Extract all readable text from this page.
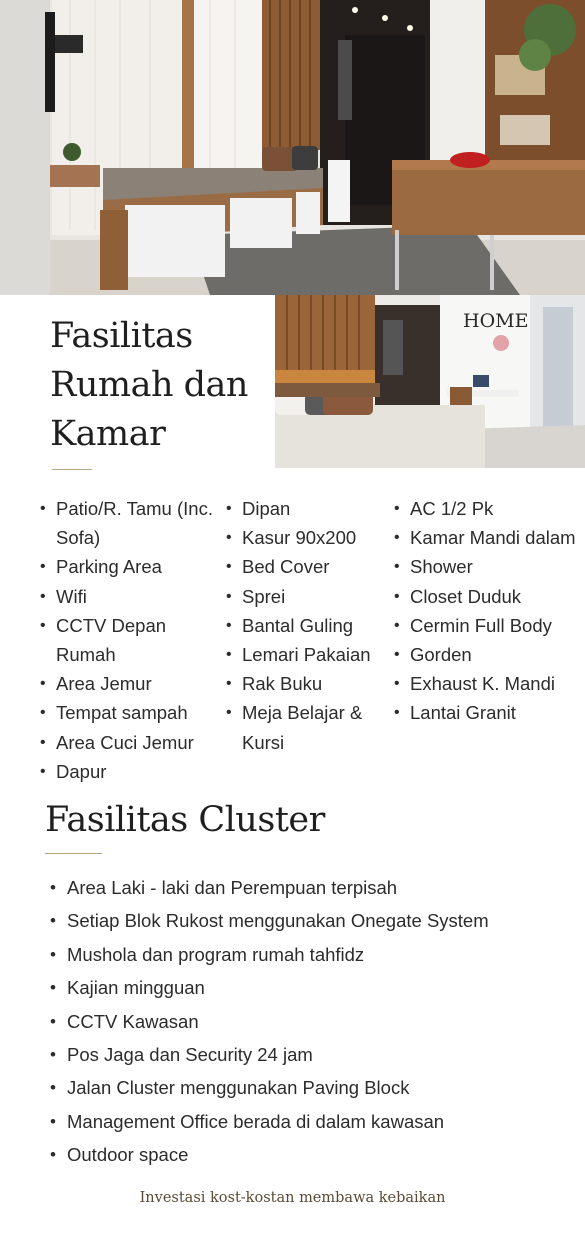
HOME
Fasilitas Rumah dan Kamar
• Patio/R. Tamu (Inc. Sofa)
• Parking Area
• Wifi
• CCTV Depan Rumah
• Area Jemur
• Tempat sampah
• Area Cuci Jemur
• Dapur
• Dipan
• Kasur 90x200
• Bed Cover
• Sprei
• Bantal Guling
• Lemari Pakaian
• Rak Buku
• Meja Belajar & Kursi
• AC 1/2 Pk
• Kamar Mandi dalam
• Shower
• Closet Duduk
• Cermin Full Body
• Gorden
• Exhaust K. Mandi
• Lantai Granit
Fasilitas Cluster
• Area Laki - laki dan Perempuan terpisah
• Setiap Blok Rukost menggunakan Onegate System
• Mushola dan program rumah tahfidz
• Kajian mingguan
• CCTV Kawasan
• Pos Jaga dan Security 24 jam
• Jalan Cluster menggunakan Paving Block
• Management Office berada di dalam kawasan
• Outdoor space
Investasi kost-kostan membawa kebaikan
